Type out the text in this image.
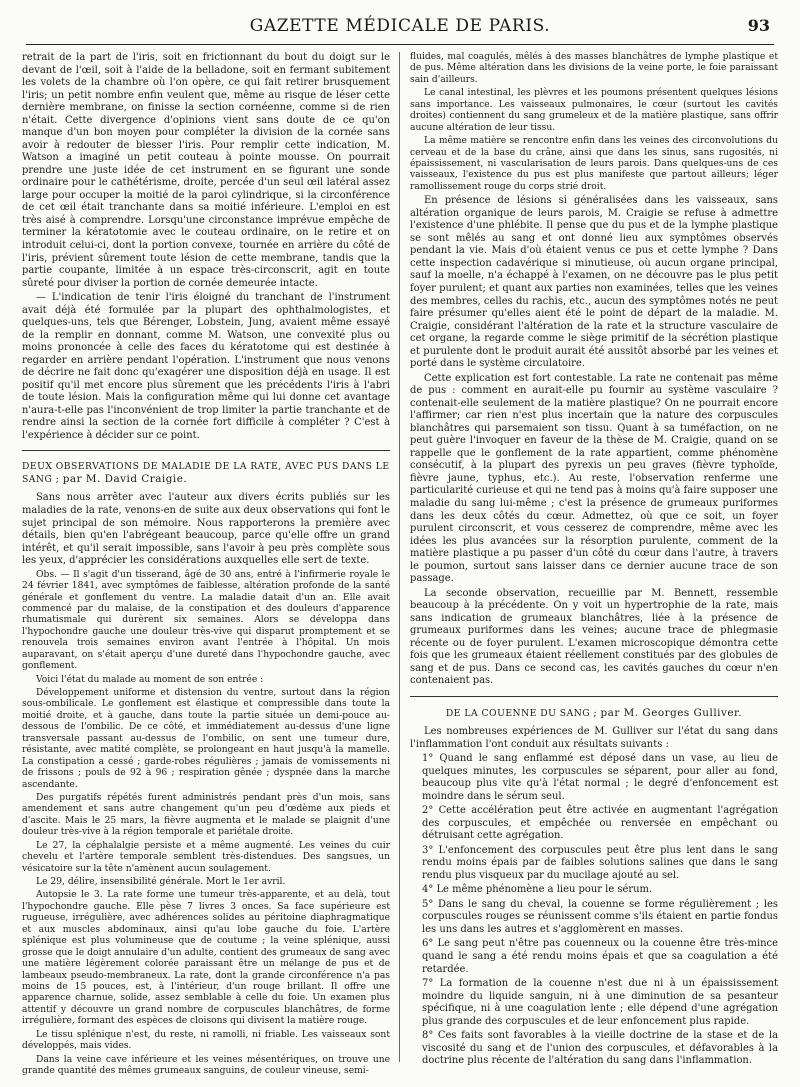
GAZETTE MÉDICALE DE PARIS.	93

retrait de la part de l'iris, soit en frictionnant du bout du doigt sur le devant de l'œil, soit à l'aide de la belladone, soit en fermant subitement les volets de la chambre où l'on opère, ce qui fait retirer brusquement l'iris; un petit nombre enfin veulent que, même au risque de léser cette dernière membrane, on finisse la section cornéenne, comme si de rien n'était. Cette divergence d'opinions vient sans doute de ce qu'on manque d'un bon moyen pour compléter la division de la cornée sans avoir à redouter de blesser l'iris. Pour remplir cette indication, M. Watson a imaginé un petit couteau à pointe mousse. On pourrait prendre une juste idée de cet instrument en se figurant une sonde ordinaire pour le cathétérisme, droite, percée d'un seul œil latéral assez large pour occuper la moitié de la paroi cylindrique, si la circonférence de cet œil était tranchante dans sa moitié inférieure. L'emploi en est très aisé à comprendre. Lorsqu'une circonstance imprévue empêche de terminer la kératotomie avec le couteau ordinaire, on le retire et on introduit celui-ci, dont la portion convexe, tournée en arrière du côté de l'iris, prévient sûrement toute lésion de cette membrane, tandis que la partie coupante, limitée à un espace très-circonscrit, agit en toute sûreté pour diviser la portion de cornée demeurée intacte.

— L'indication de tenir l'iris éloigné du tranchant de l'instrument avait déjà été formulée par la plupart des ophthalmologistes, et quelques-uns, tels que Bérenger, Lobstein, Jung, avaient même essayé de la remplir en donnant, comme M. Watson, une convexité plus ou moins prononcée à celle des faces du kératotome qui est destinée à regarder en arrière pendant l'opération. L'instrument que nous venons de décrire ne fait donc qu'exagérer une disposition déjà en usage. Il est positif qu'il met encore plus sûrement que les précédents l'iris à l'abri de toute lésion. Mais la configuration même qui lui donne cet avantage n'aura-t-elle pas l'inconvénient de trop limiter la partie tranchante et de rendre ainsi la section de la cornée fort difficile à compléter ? C'est à l'expérience à décider sur ce point.

DEUX OBSERVATIONS DE MALADIE DE LA RATE, AVEC PUS DANS LE SANG ; par M. David Craigie.

Sans nous arrêter avec l'auteur aux divers écrits publiés sur les maladies de la rate, venons-en de suite aux deux observations qui font le sujet principal de son mémoire. Nous rapporterons la première avec détails, bien qu'en l'abrégeant beaucoup, parce qu'elle offre un grand intérêt, et qu'il serait impossible, sans l'avoir à peu près complète sous les yeux, d'apprécier les considérations auxquelles elle sert de texte.

Obs. — Il s'agit d'un tisserand, âgé de 30 ans, entré à l'infirmerie royale le 24 février 1841, avec symptômes de faiblesse, altération profonde de la santé générale et gonflement du ventre. La maladie datait d'un an. Elle avait commencé par du malaise, de la constipation et des douleurs d'apparence rhumatismale qui durèrent six semaines. Alors se développa dans l'hypochondre gauche une douleur très-vive qui disparut promptement et se renouvela trois semaines environ avant l'entrée à l'hôpital. Un mois auparavant, on s'était aperçu d'une dureté dans l'hypochondre gauche, avec gonflement.

Voici l'état du malade au moment de son entrée :

Développement uniforme et distension du ventre, surtout dans la région sous-ombilicale. Le gonflement est élastique et compressible dans toute la moitié droite, et à gauche, dans toute la partie située un demi-pouce au-dessous de l'ombilic. De ce côté, et immédiatement au-dessus d'une ligne transversale passant au-dessus de l'ombilic, on sent une tumeur dure, résistante, avec matité complète, se prolongeant en haut jusqu'à la mamelle. La constipation a cessé ; garde-robes régulières ; jamais de vomissements ni de frissons ; pouls de 92 à 96 ; respiration gênée ; dyspnée dans la marche ascendante.

Des purgatifs répétés furent administrés pendant près d'un mois, sans amendement et sans autre changement qu'un peu d'œdème aux pieds et d'ascite. Mais le 25 mars, la fièvre augmenta et le malade se plaignit d'une douleur très-vive à la région temporale et pariétale droite.

Le 27, la céphalalgie persiste et a même augmenté. Les veines du cuir chevelu et l'artère temporale semblent très-distendues. Des sangsues, un vésicatoire sur la tête n'amènent aucun soulagement.

Le 29, délire, insensibilité générale. Mort le 1er avril.

Autopsie le 3. La rate forme une tumeur très-apparente, et au delà, tout l'hypochondre gauche. Elle pèse 7 livres 3 onces. Sa face supérieure est rugueuse, irrégulière, avec adhérences solides au péritoine diaphragmatique et aux muscles abdominaux, ainsi qu'au lobe gauche du foie. L'artère splénique est plus volumineuse que de coutume ; la veine splénique, aussi grosse que le doigt annulaire d'un adulte, contient des grumeaux de sang avec une matière légèrement colorée paraissant être un mélange de pus et de lambeaux pseudo-membraneux. La rate, dont la grande circonférence n'a pas moins de 15 pouces, est, à l'intérieur, d'un rouge brillant. Il offre une apparence charnue, solide, assez semblable à celle du foie. Un examen plus attentif y découvre un grand nombre de corpuscules blanchâtres, de forme irrégulière, formant des espèces de cloisons qui divisent la matière rouge.

Le tissu splénique n'est, du reste, ni ramolli, ni friable. Les vaisseaux sont développés, mais vides.

Dans la veine cave inférieure et les veines mésentériques, on trouve une grande quantité des mêmes grumeaux sanguins, de couleur vineuse, semi-

fluides, mal coagulés, mêlés à des masses blanchâtres de lymphe plastique et de pus. Même altération dans les divisions de la veine porte, le foie paraissant sain d'ailleurs.

Le canal intestinal, les plèvres et les poumons présentent quelques lésions sans importance. Les vaisseaux pulmonaires, le cœur (surtout les cavités droites) contiennent du sang grumeleux et de la matière plastique, sans offrir aucune altération de leur tissu.

La même matière se rencontre enfin dans les veines des circonvolutions du cerveau et de la base du crâne, ainsi que dans les sinus, sans rugosités, ni épaississement, ni vascularisation de leurs parois. Dans quelques-uns de ces vaisseaux, l'existence du pus est plus manifeste que partout ailleurs; léger ramollissement rouge du corps strié droit.

En présence de lésions si généralisées dans les vaisseaux, sans altération organique de leurs parois, M. Craigie se refuse à admettre l'existence d'une phlébite. Il pense que du pus et de la lymphe plastique se sont mêlés au sang et ont donné lieu aux symptômes observés pendant la vie. Mais d'où étaient venus ce pus et cette lymphe ? Dans cette inspection cadavérique si minutieuse, où aucun organe principal, sauf la moelle, n'a échappé à l'examen, on ne découvre pas le plus petit foyer purulent; et quant aux parties non examinées, telles que les veines des membres, celles du rachis, etc., aucun des symptômes notés ne peut faire présumer qu'elles aient été le point de départ de la maladie. M. Craigie, considérant l'altération de la rate et la structure vasculaire de cet organe, la regarde comme le siège primitif de la sécrétion plastique et purulente dont le produit aurait été aussitôt absorbé par les veines et porté dans le système circulatoire.

Cette explication est fort contestable. La rate ne contenait pas même de pus : comment en aurait-elle pu fournir au système vasculaire ? contenait-elle seulement de la matière plastique? On ne pourrait encore l'affirmer; car rien n'est plus incertain que la nature des corpuscules blanchâtres qui parsemaient son tissu. Quant à sa tuméfaction, on ne peut guère l'invoquer en faveur de la thèse de M. Craigie, quand on se rappelle que le gonflement de la rate appartient, comme phénomène consécutif, à la plupart des pyrexis un peu graves (fièvre typhoïde, fièvre jaune, typhus, etc.). Au reste, l'observation renferme une particularité curieuse et qui ne tend pas à moins qu'à faire supposer une maladie du sang lui-même ; c'est la présence de grumeaux puriformes dans les deux côtés du cœur. Admettez, où que ce soit, un foyer purulent circonscrit, et vous cesserez de comprendre, même avec les idées les plus avancées sur la résorption purulente, comment de la matière plastique a pu passer d'un côté du cœur dans l'autre, à travers le poumon, surtout sans laisser dans ce dernier aucune trace de son passage.

La seconde observation, recueillie par M. Bennett, ressemble beaucoup à la précédente. On y voit un hypertrophie de la rate, mais sans indication de grumeaux blanchâtres, liée à la présence de grumeaux puriformes dans les veines; aucune trace de phlegmasie récente ou de foyer purulent. L'examen microscopique démontra cette fois que les grumeaux étaient réellement constitués par des globules de sang et de pus. Dans ce second cas, les cavités gauches du cœur n'en contenaient pas.

DE LA COUENNE DU SANG ; par M. Georges Gulliver.

Les nombreuses expériences de M. Gulliver sur l'état du sang dans l'inflammation l'ont conduit aux résultats suivants :

1° Quand le sang enflammé est déposé dans un vase, au lieu de quelques minutes, les corpuscules se séparent, pour aller au fond, beaucoup plus vite qu'à l'état normal ; le degré d'enfoncement est moindre dans le sérum seul.

2° Cette accélération peut être activée en augmentant l'agrégation des corpuscules, et empêchée ou renversée en empêchant ou détruisant cette agrégation.

3° L'enfoncement des corpuscules peut être plus lent dans le sang rendu moins épais par de faibles solutions salines que dans le sang rendu plus visqueux par du mucilage ajouté au sel.

4° Le même phénomène a lieu pour le sérum.

5° Dans le sang du cheval, la couenne se forme régulièrement ; les corpuscules rouges se réunissent comme s'ils étaient en partie fondus les uns dans les autres et s'agglomèrent en masses.

6° Le sang peut n'être pas couenneux ou la couenne être très-mince quand le sang a été rendu moins épais et que sa coagulation a été retardée.

7° La formation de la couenne n'est due ni à un épaississement moindre du liquide sanguin, ni à une diminution de sa pesanteur spécifique, ni à une coagulation lente ; elle dépend d'une agrégation plus grande des corpuscules et de leur enfoncement plus rapide.

8° Ces faits sont favorables à la vieille doctrine de la stase et de la viscosité du sang et de l'union des corpuscules, et défavorables à la doctrine plus récente de l'altération du sang dans l'inflammation.
